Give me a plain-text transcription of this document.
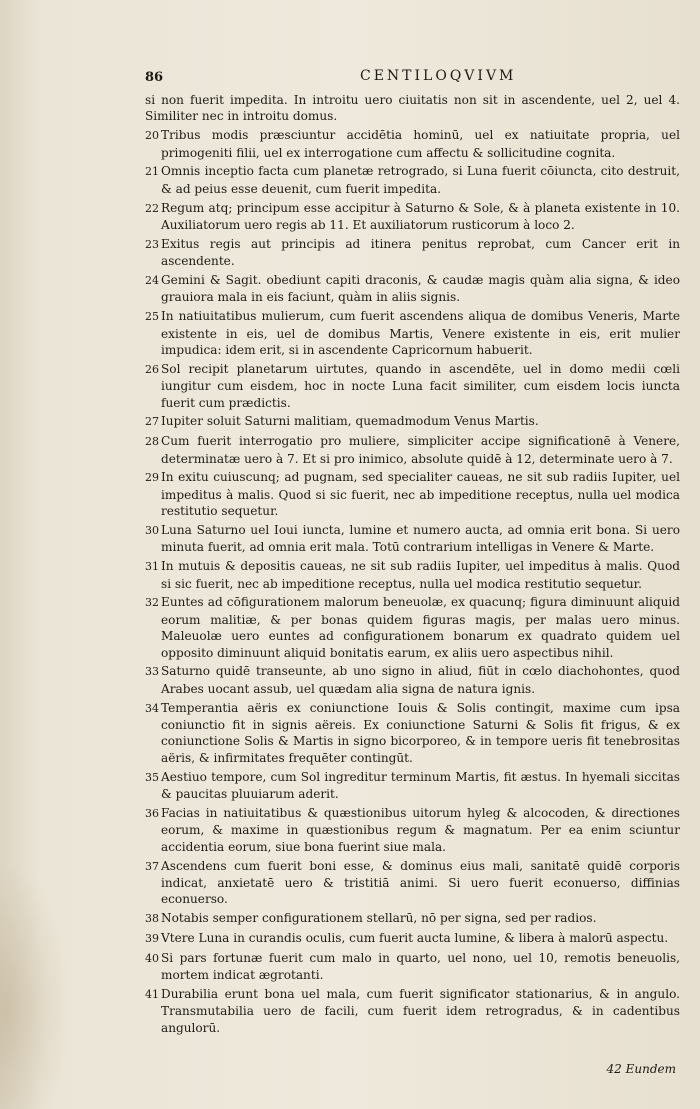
86	CENTILOQVIVM

si non fuerit impedita. In introitu uero ciuitatis non sit in ascendente, uel 2, uel 4. Similiter nec in introitu domus.

20 Tribus modis præsciuntur accidētia hominū, uel ex natiuitate propria, uel primogeniti filii, uel ex interrogatione cum affectu & sollicitudine cognita.

21 Omnis inceptio facta cum planetæ retrogrado, si Luna fuerit cōiuncta, cito destruit, & ad peius esse deuenit, cum fuerit impedita.

22 Regum atq; principum esse accipitur à Saturno & Sole, & à planeta existente in 10. Auxiliatorum uero regis ab 11. Et auxiliatorum rusticorum à loco 2.

23 Exitus regis aut principis ad itinera penitus reprobat, cum Cancer erit in ascendente.

24 Gemini & Sagit. obediunt capiti draconis, & caudæ magis quàm alia signa, & ideo grauiora mala in eis faciunt, quàm in aliis signis.

25 In natiuitatibus mulierum, cum fuerit ascendens aliqua de domibus Veneris, Marte existente in eis, uel de domibus Martis, Venere existente in eis, erit mulier impudica: idem erit, si in ascendente Capricornum habuerit.

26 Sol recipit planetarum uirtutes, quando in ascendēte, uel in domo medii cœli iungitur cum eisdem, hoc in nocte Luna facit similiter, cum eisdem locis iuncta fuerit cum prædictis.

27 Iupiter soluit Saturni malitiam, quemadmodum Venus Martis.

28 Cum fuerit interrogatio pro muliere, simpliciter accipe significationē à Venere, determinatæ uero à 7. Et si pro inimico, absolute quidē à 12, determinate uero à 7.

29 In exitu cuiuscunq; ad pugnam, sed specialiter caueas, ne sit sub radiis Iupiter, uel impeditus à malis. Quod si sic fuerit, nec ab impeditione receptus, nulla uel modica restitutio sequetur.

30 Luna Saturno uel Ioui iuncta, lumine et numero aucta, ad omnia erit bona. Si uero minuta fuerit, ad omnia erit mala. Totū contrarium intelligas in Venere & Marte.

31 In mutuis & depositis caueas, ne sit sub radiis Iupiter, uel impeditus à malis. Quod si sic fuerit, nec ab impeditione receptus, nulla uel modica restitutio sequetur.

32 Euntes ad cōfigurationem malorum beneuolæ, ex quacunq; figura diminuunt aliquid eorum malitiæ, & per bonas quidem figuras magis, per malas uero minus. Maleuolæ uero euntes ad configurationem bonarum ex quadrato quidem uel opposito diminuunt aliquid bonitatis earum, ex aliis uero aspectibus nihil.

33 Saturno quidē transeunte, ab uno signo in aliud, fiūt in cœlo diachohontes, quod Arabes uocant assub, uel quædam alia signa de natura ignis.

34 Temperantia aëris ex coniunctione Iouis & Solis contingit, maxime cum ipsa coniunctio fit in signis aëreis. Ex coniunctione Saturni & Solis fit frigus, & ex coniunctione Solis & Martis in signo bicorporeo, & in tempore ueris fit tenebrositas aëris, & infirmitates frequēter contingūt.

35 Aestiuo tempore, cum Sol ingreditur terminum Martis, fit æstus. In hyemali siccitas & paucitas pluuiarum aderit.

36 Facias in natiuitatibus & quæstionibus uitorum hyleg & alcocoden, & directiones eorum, & maxime in quæstionibus regum & magnatum. Per ea enim sciuntur accidentia eorum, siue bona fuerint siue mala.

37 Ascendens cum fuerit boni esse, & dominus eius mali, sanitatē quidē corporis indicat, anxietatē uero & tristitiā animi. Si uero fuerit econuerso, diffinias econuerso.

38 Notabis semper configurationem stellarū, nō per signa, sed per radios.

39 Vtere Luna in curandis oculis, cum fuerit aucta lumine, & libera à malorū aspectu.

40 Si pars fortunæ fuerit cum malo in quarto, uel nono, uel 10, remotis beneuolis, mortem indicat ægrotanti.

41 Durabilia erunt bona uel mala, cum fuerit significator stationarius, & in angulo. Transmutabilia uero de facili, cum fuerit idem retrogradus, & in cadentibus angulorū.

42 Eundem
